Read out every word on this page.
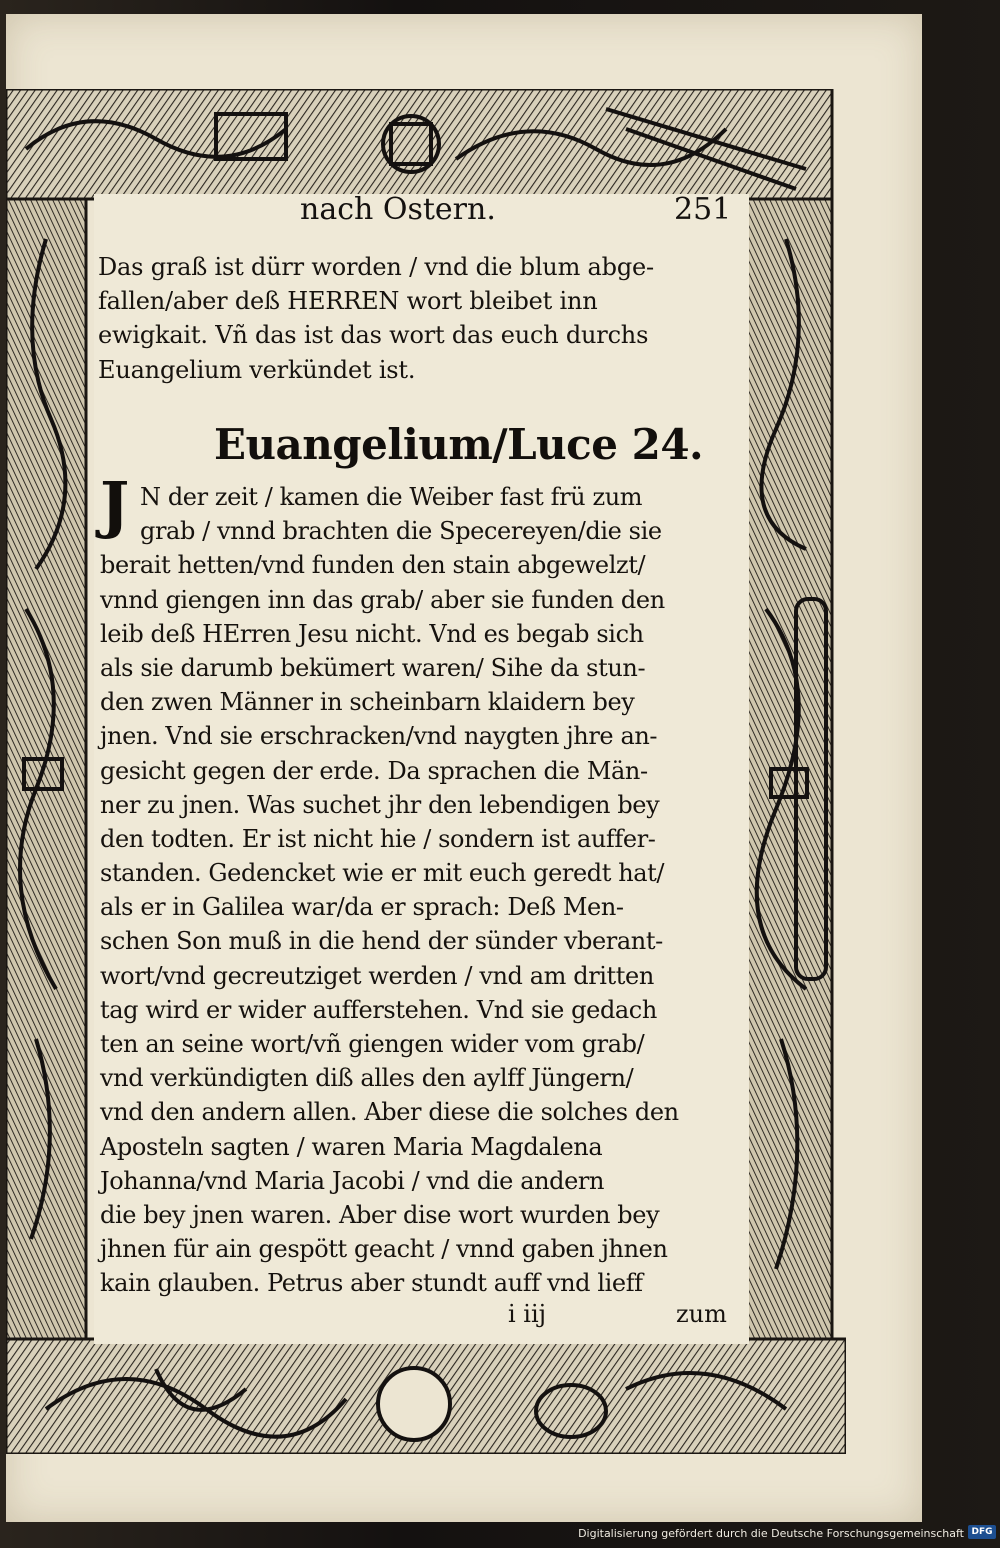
nach Ostern.	251
Das graß ist dürr worden / vnd die blum abge-
fallen/aber deß HERREN wort bleibet inn
ewigkait. Vñ das ist das wort das euch durchs
Euangelium verkündet ist.
Euangelium/Luce 24.
J N der zeit / kamen die Weiber fast frü zum
grab / vnnd brachten die Specereyen/die sie
berait hetten/vnd funden den stain abgewelzt/
vnnd giengen inn das grab/ aber sie funden den
leib deß HErren Jesu nicht. Vnd es begab sich
als sie darumb bekümert waren/ Sihe da stun-
den zwen Männer in scheinbarn klaidern bey
jnen. Vnd sie erschracken/vnd naygten jhre an-
gesicht gegen der erde. Da sprachen die Män-
ner zu jnen. Was suchet jhr den lebendigen bey
den todten. Er ist nicht hie / sondern ist auffer-
standen. Gedencket wie er mit euch geredt hat/
als er in Galilea war/da er sprach: Deß Men-
schen Son muß in die hend der sünder vberant-
wort/vnd gecreutziget werden / vnd am dritten
tag wird er wider aufferstehen. Vnd sie gedach
ten an seine wort/vñ giengen wider vom grab/
vnd verkündigten diß alles den aylff Jüngern/
vnd den andern allen. Aber diese die solches den
Aposteln sagten / waren Maria Magdalena
Johanna/vnd Maria Jacobi / vnd die andern
die bey jnen waren. Aber dise wort wurden bey
jhnen für ain gespött geacht / vnnd gaben jhnen
kain glauben. Petrus aber stundt auff vnd lieff
i iij	zum
Digitalisierung gefördert durch die Deutsche Forschungsgemeinschaft DFG
